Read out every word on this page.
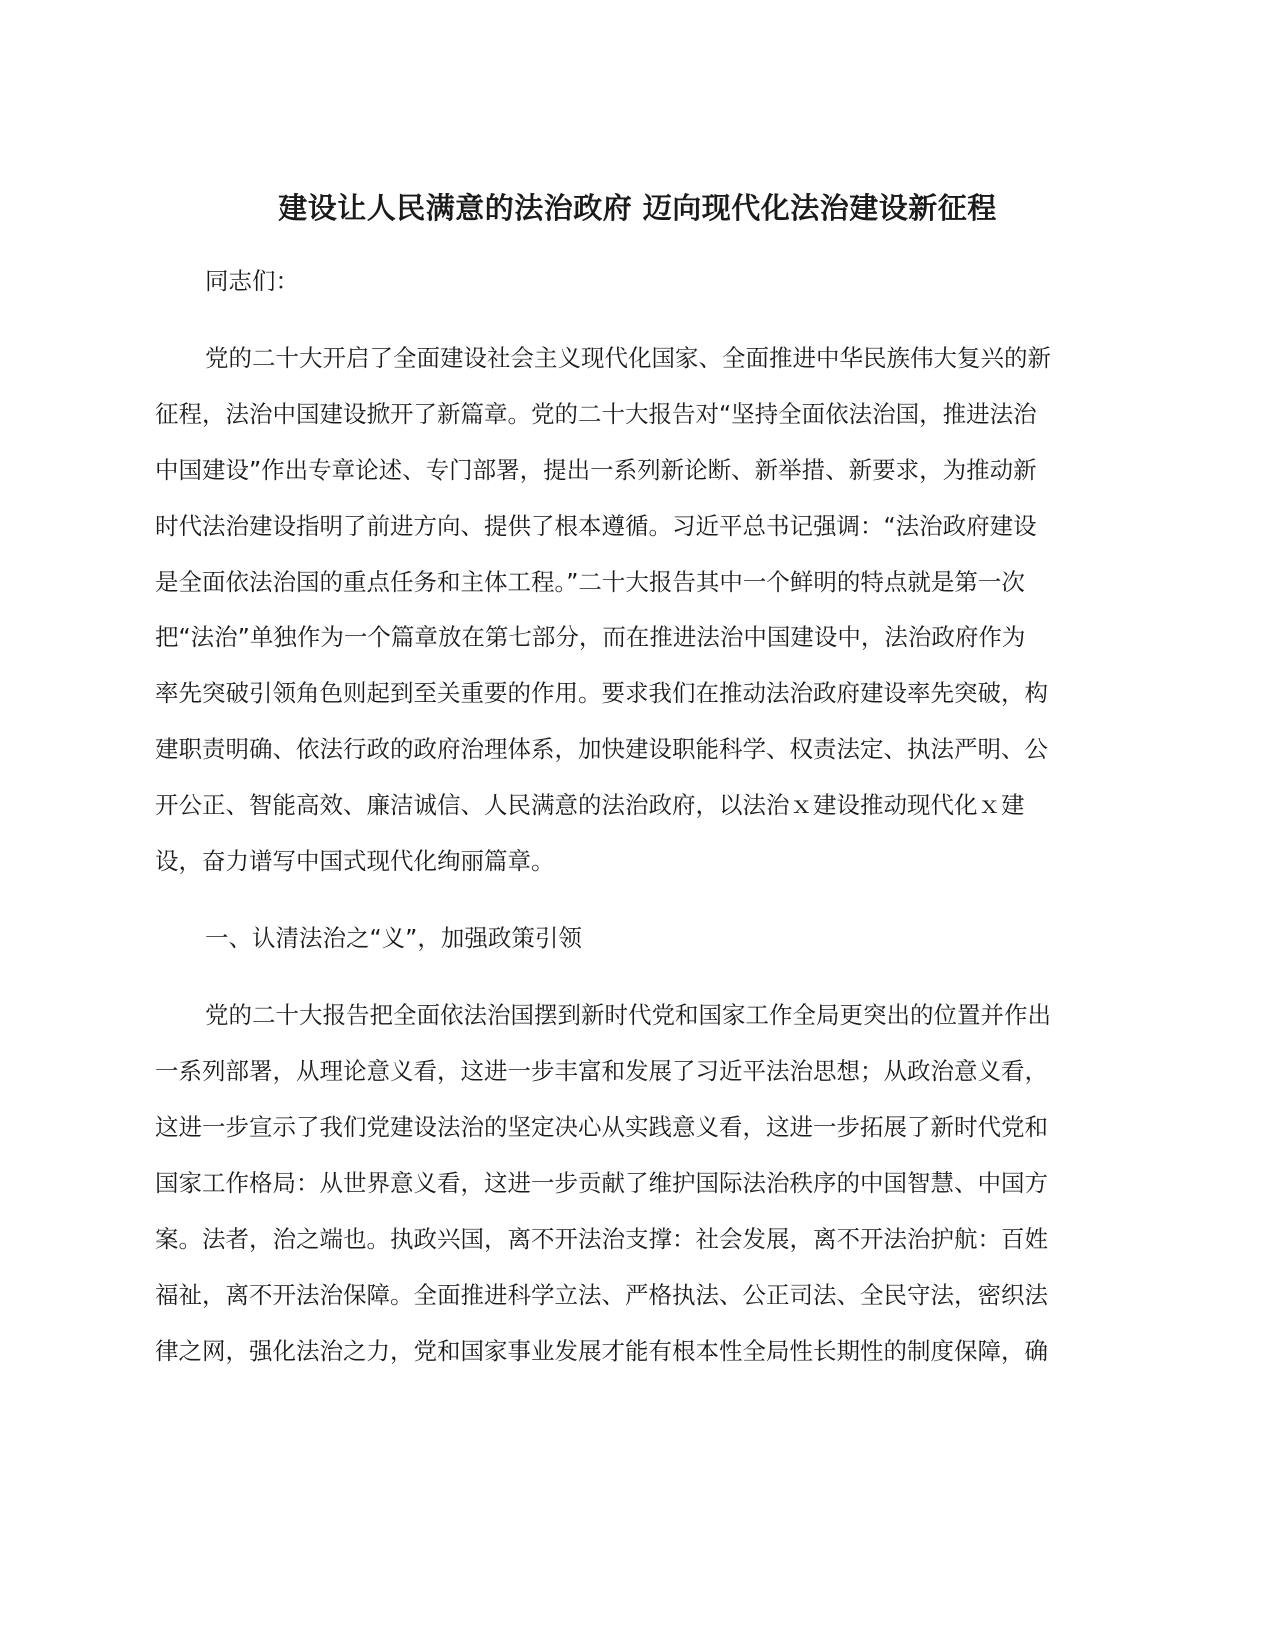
建设让人民满意的法治政府 迈向现代化法治建设新征程
同志们：
党的二十大开启了全面建设社会主义现代化国家、全面推进中华民族伟大复兴的新
征程，法治中国建设掀开了新篇章。党的二十大报告对“坚持全面依法治国，推进法治
中国建设”作出专章论述、专门部署，提出一系列新论断、新举措、新要求，为推动新
时代法治建设指明了前进方向、提供了根本遵循。习近平总书记强调：“法治政府建设
是全面依法治国的重点任务和主体工程。”二十大报告其中一个鲜明的特点就是第一次
把“法治”单独作为一个篇章放在第七部分，而在推进法治中国建设中，法治政府作为
率先突破引领角色则起到至关重要的作用。要求我们在推动法治政府建设率先突破，构
建职责明确、依法行政的政府治理体系，加快建设职能科学、权责法定、执法严明、公
开公正、智能高效、廉洁诚信、人民满意的法治政府，以法治ｘ建设推动现代化ｘ建
设，奋力谱写中国式现代化绚丽篇章。
一、认清法治之“义”，加强政策引领
党的二十大报告把全面依法治国摆到新时代党和国家工作全局更突出的位置并作出
一系列部署，从理论意义看，这进一步丰富和发展了习近平法治思想；从政治意义看，
这进一步宣示了我们党建设法治的坚定决心从实践意义看，这进一步拓展了新时代党和
国家工作格局：从世界意义看，这进一步贡献了维护国际法治秩序的中国智慧、中国方
案。法者，治之端也。执政兴国，离不开法治支撑：社会发展，离不开法治护航：百姓
福祉，离不开法治保障。全面推进科学立法、严格执法、公正司法、全民守法，密织法
律之网，强化法治之力，党和国家事业发展才能有根本性全局性长期性的制度保障，确
